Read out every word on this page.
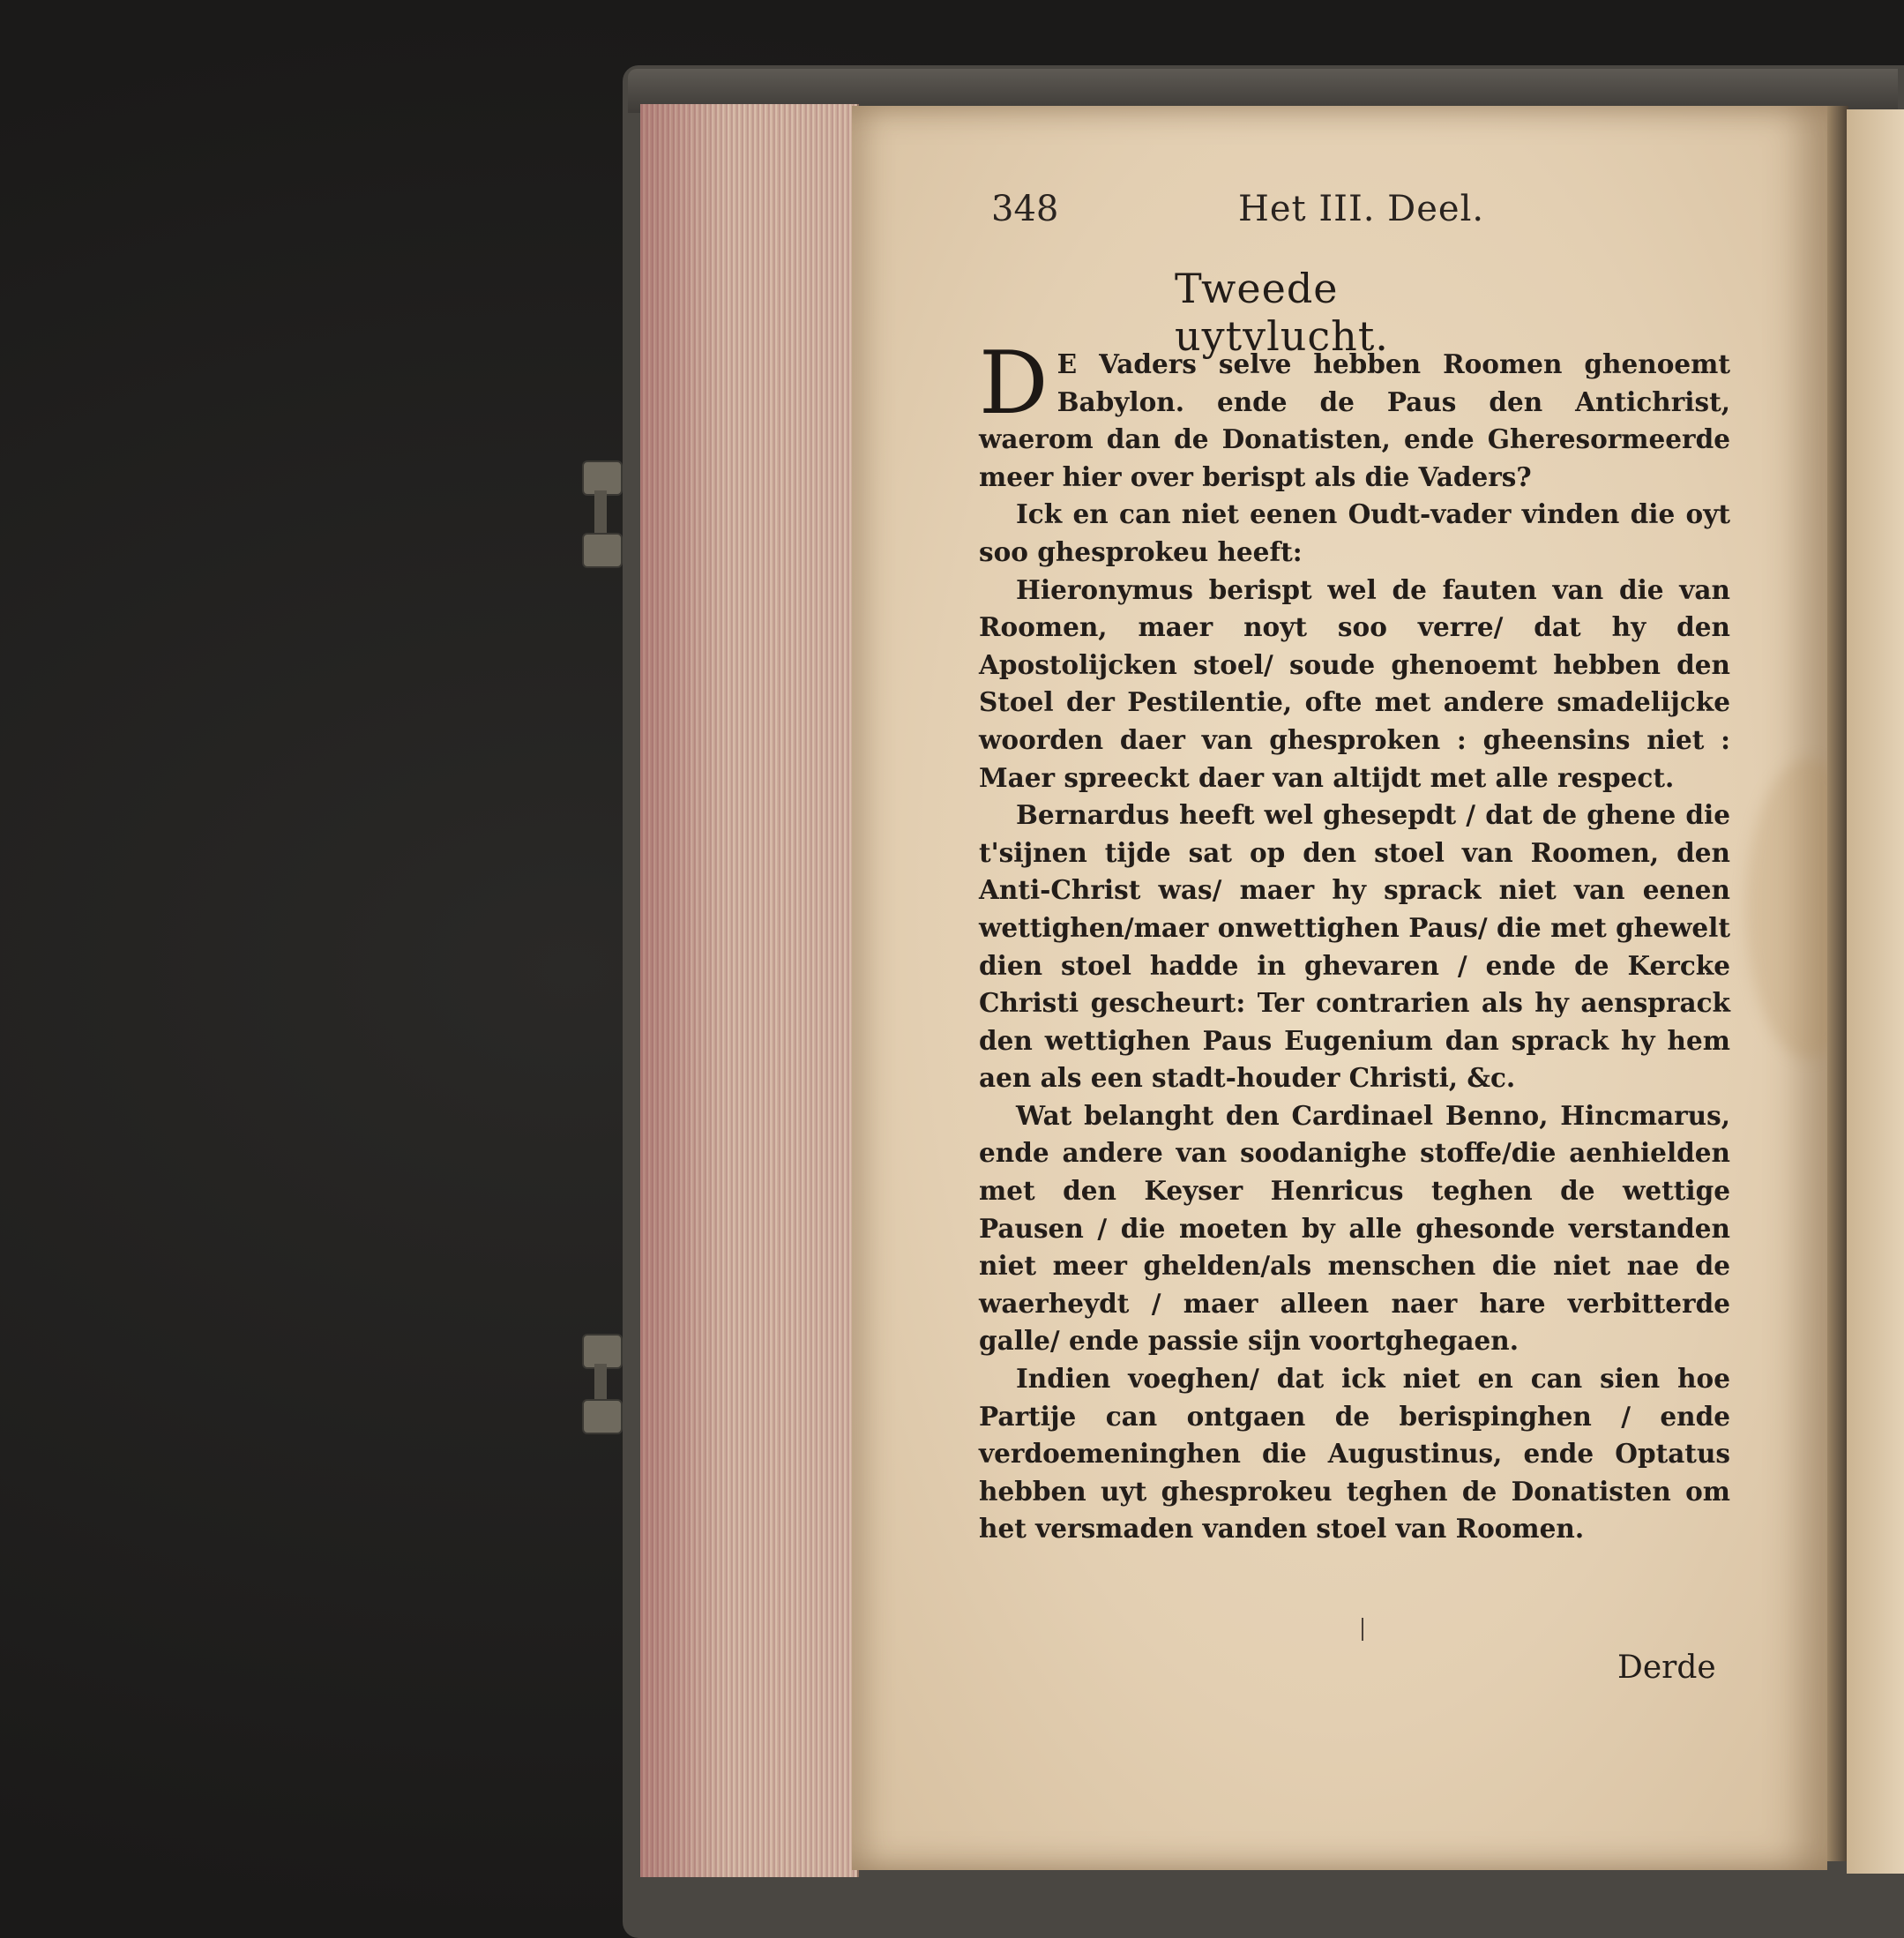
348	Het III. Deel.
Tweede uytvlucht.

D E Vaders selve hebben Roomen ghenoemt Babylon. ende de Paus den Antichrist, waerom dan de Donatisten, ende Gheresormeerde meer hier over berispt als die Vaders?

Ick en can niet eenen Oudt-vader vinden die oyt soo ghesprokeu heeft:

Hieronymus berispt wel de fauten van die van Roomen, maer noyt soo verre/ dat hy den Apostolijcken stoel/ soude ghenoemt hebben den Stoel der Pestilentie, ofte met andere smadelijcke woorden daer van ghesproken : gheensins niet : Maer spreeckt daer van altijdt met alle respect.

Bernardus heeft wel ghesepdt / dat de ghene die t'sijnen tijde sat op den stoel van Roomen, den Anti-Christ was/ maer hy sprack niet van eenen wettighen/maer onwettighen Paus/ die met ghewelt dien stoel hadde in ghevaren / ende de Kercke Christi gescheurt: Ter contrarien als hy aensprack den wettighen Paus Eugenium dan sprack hy hem aen als een stadt-houder Christi, &c.

Wat belanght den Cardinael Benno, Hincmarus, ende andere van soodanighe stoffe/die aenhielden met den Keyser Henricus teghen de wettige Pausen / die moeten by alle ghesonde verstanden niet meer ghelden/als menschen die niet nae de waerheydt / maer alleen naer hare verbitterde galle/ ende passie sijn voortghegaen.

Indien voeghen/ dat ick niet en can sien hoe Partije can ontgaen de berispinghen / ende verdoemeninghen die Augustinus, ende Optatus hebben uyt ghesprokeu teghen de Donatisten om het versmaden vanden stoel van Roomen.

Derde
